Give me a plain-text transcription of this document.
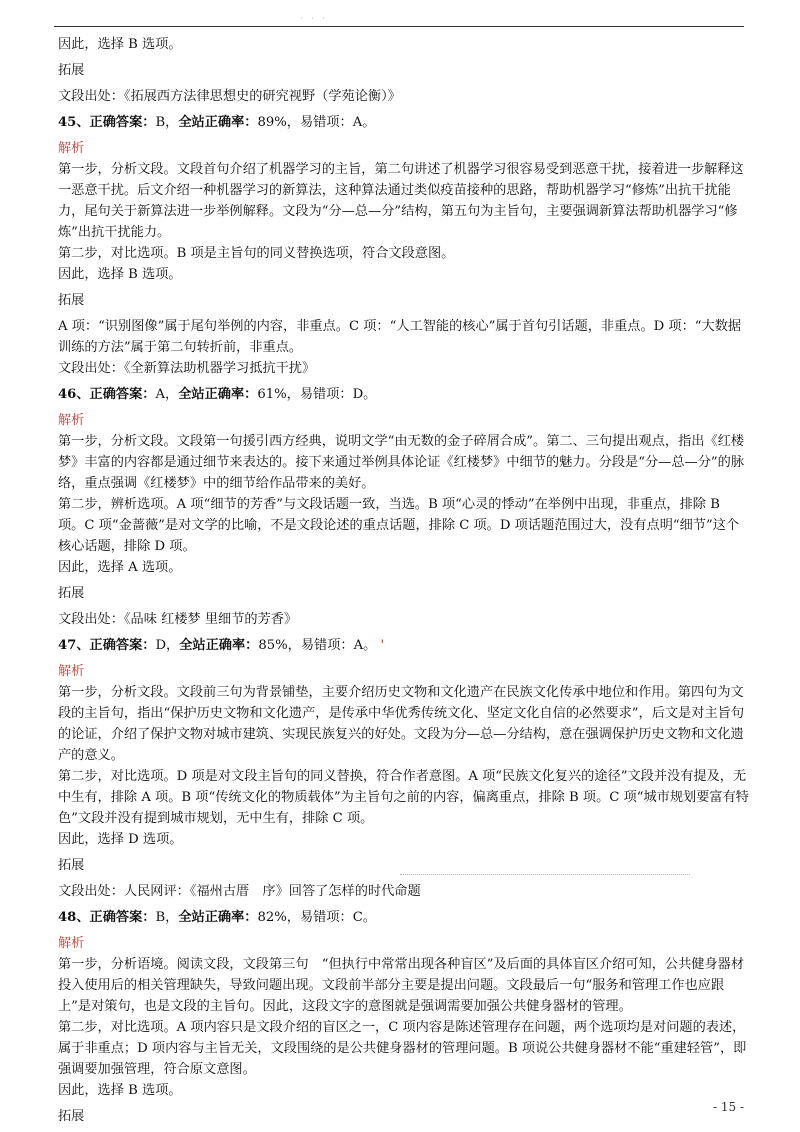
· · ·

因此，选择 B 选项。

拓展

文段出处：《拓展西方法律思想史的研究视野（学苑论衡）》

45、正确答案：B，全站正确率：89%，易错项：A。

解析

第一步，分析文段。文段首句介绍了机器学习的主旨，第二句讲述了机器学习很容易受到恶意干扰，接着进一步解释这一恶意干扰。后文介绍一种机器学习的新算法，这种算法通过类似疫苗接种的思路，帮助机器学习“修炼”出抗干扰能力，尾句关于新算法进一步举例解释。文段为“分—总—分”结构，第五句为主旨句，主要强调新算法帮助机器学习“修炼”出抗干扰能力。

第二步，对比选项。B 项是主旨句的同义替换选项，符合文段意图。

因此，选择 B 选项。

拓展

A 项：“识别图像”属于尾句举例的内容，非重点。C 项：“人工智能的核心”属于首句引话题，非重点。D 项：“大数据训练的方法”属于第二句转折前，非重点。

文段出处：《全新算法助机器学习抵抗干扰》

46、正确答案：A，全站正确率：61%，易错项：D。

解析

第一步，分析文段。文段第一句援引西方经典，说明文学“由无数的金子碎屑合成”。第二、三句提出观点，指出《红楼梦》丰富的内容都是通过细节来表达的。接下来通过举例具体论证《红楼梦》中细节的魅力。分段是“分—总—分”的脉络，重点强调《红楼梦》中的细节给作品带来的美好。

第二步，辨析选项。A 项“细节的芳香”与文段话题一致，当选。B 项“心灵的悸动”在举例中出现，非重点，排除 B 项。C 项“金蔷薇”是对文学的比喻，不是文段论述的重点话题，排除 C 项。D 项话题范围过大，没有点明“细节”这个核心话题，排除 D 项。

因此，选择 A 选项。

拓展

文段出处：《品味 红楼梦 里细节的芳香》

47、正确答案：D，全站正确率：85%，易错项：A。 '

解析

第一步，分析文段。文段前三句为背景铺垫，主要介绍历史文物和文化遗产在民族文化传承中地位和作用。第四句为文段的主旨句，指出“保护历史文物和文化遗产，是传承中华优秀传统文化、坚定文化自信的必然要求”，后文是对主旨句的论证，介绍了保护文物对城市建筑、实现民族复兴的好处。文段为分—总—分结构，意在强调保护历史文物和文化遗产的意义。

第二步，对比选项。D 项是对文段主旨句的同义替换，符合作者意图。A 项“民族文化复兴的途径”文段并没有提及，无中生有，排除 A 项。B 项“传统文化的物质载体”为主旨句之前的内容，偏离重点，排除 B 项。C 项“城市规划要富有特色”文段并没有提到城市规划，无中生有，排除 C 项。

因此，选择 D 选项。

拓展

文段出处：人民网评：《福州古厝　序》回答了怎样的时代命题

48、正确答案：B，全站正确率：82%，易错项：C。

解析

第一步，分析语境。阅读文段，文段第三句　“但执行中常常出现各种盲区”及后面的具体盲区介绍可知，公共健身器材投入使用后的相关管理缺失，导致问题出现。文段前半部分主要是提出问题。文段最后一句“服务和管理工作也应跟上”是对策句，也是文段的主旨句。因此，这段文字的意图就是强调需要加强公共健身器材的管理。

第二步，对比选项。A 项内容只是文段介绍的盲区之一，C 项内容是陈述管理存在问题，两个选项均是对问题的表述，属于非重点；D 项内容与主旨无关，文段围绕的是公共健身器材的管理问题。B 项说公共健身器材不能“重建轻管”，即强调要加强管理，符合原文意图。

因此，选择 B 选项。

拓展

- 15 -
